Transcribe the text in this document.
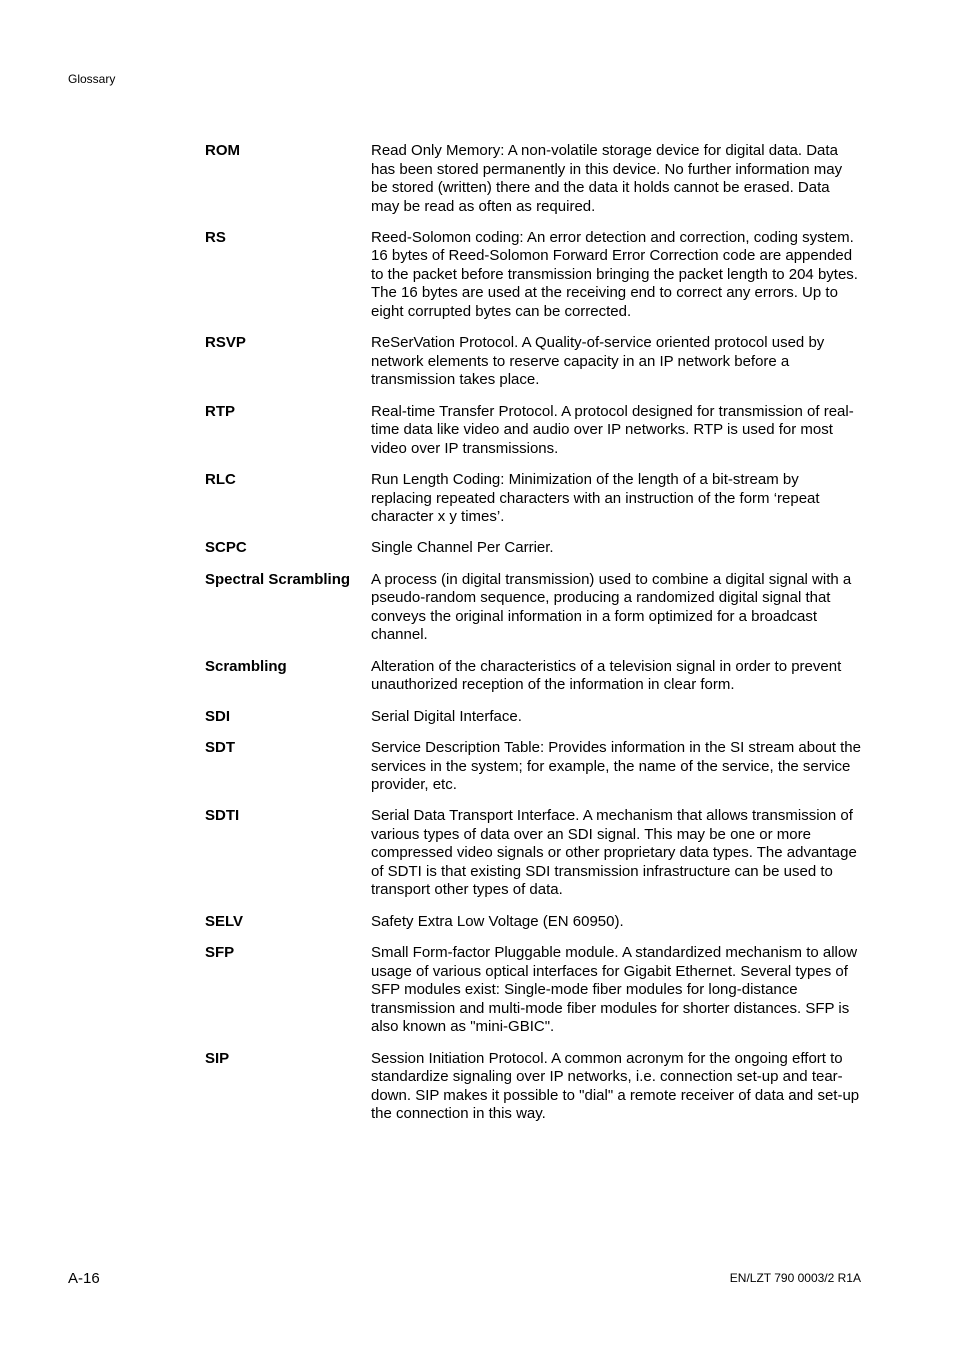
Glossary
ROM	Read Only Memory: A non-volatile storage device for digital data. Data has been stored permanently in this device. No further information may be stored (written) there and the data it holds cannot be erased. Data may be read as often as required.
RS	Reed-Solomon coding: An error detection and correction, coding system. 16 bytes of Reed-Solomon Forward Error Correction code are appended to the packet before transmission bringing the packet length to 204 bytes. The 16 bytes are used at the receiving end to correct any errors. Up to eight corrupted bytes can be corrected.
RSVP	ReSerVation Protocol. A Quality-of-service oriented protocol used by network elements to reserve capacity in an IP network before a transmission takes place.
RTP	Real-time Transfer Protocol. A protocol designed for transmission of real-time data like video and audio over IP networks. RTP is used for most video over IP transmissions.
RLC	Run Length Coding: Minimization of the length of a bit-stream by replacing repeated characters with an instruction of the form ‘repeat character x y times’.
SCPC	Single Channel Per Carrier.
Spectral Scrambling	A process (in digital transmission) used to combine a digital signal with a pseudo-random sequence, producing a randomized digital signal that conveys the original information in a form optimized for a broadcast channel.
Scrambling	Alteration of the characteristics of a television signal in order to prevent unauthorized reception of the information in clear form.
SDI	Serial Digital Interface.
SDT	Service Description Table: Provides information in the SI stream about the services in the system; for example, the name of the service, the service provider, etc.
SDTI	Serial Data Transport Interface. A mechanism that allows transmission of various types of data over an SDI signal. This may be one or more compressed video signals or other proprietary data types. The advantage of SDTI is that existing SDI transmission infrastructure can be used to transport other types of data.
SELV	Safety Extra Low Voltage (EN 60950).
SFP	Small Form-factor Pluggable module. A standardized mechanism to allow usage of various optical interfaces for Gigabit Ethernet. Several types of SFP modules exist: Single-mode fiber modules for long-distance transmission and multi-mode fiber modules for shorter distances. SFP is also known as "mini-GBIC".
SIP	Session Initiation Protocol. A common acronym for the ongoing effort to standardize signaling over IP networks, i.e. connection set-up and tear-down. SIP makes it possible to "dial" a remote receiver of data and set-up the connection in this way.
A-16	EN/LZT 790 0003/2 R1A
